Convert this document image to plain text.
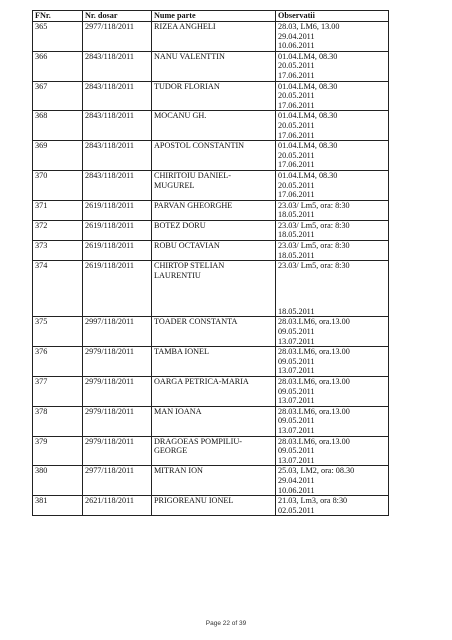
FNr.	Nr. dosar	Nume parte	Observatii
365	2977/118/2011	RIZEA ANGHELI	28.03, LM6, 13.00
29.04.2011
10.06.2011

366	2843/118/2011	NANU VALENTTIN	01.04.LM4, 08.30
20.05.2011
17.06.2011

367	2843/118/2011	TUDOR FLORIAN	01.04.LM4, 08.30
20.05.2011
17.06.2011

368	2843/118/2011	MOCANU GH.	01.04.LM4, 08.30
20.05.2011
17.06.2011

369	2843/118/2011	APOSTOL CONSTANTIN	01.04.LM4, 08.30
20.05.2011
17.06.2011

370	2843/118/2011	CHIRITOIU DANIEL-
MUGUREL	01.04.LM4, 08.30
20.05.2011
17.06.2011

371	2619/118/2011	PARVAN GHEORGHE	23.03/ Lm5, ora: 8:30
18.05.2011

372	2619/118/2011	BOTEZ DORU	23.03/ Lm5, ora: 8:30
18.05.2011

373	2619/118/2011	ROBU OCTAVIAN	23.03/ Lm5, ora: 8:30
18.05.2011

374	2619/118/2011	CHIRTOP STELIAN
LAURENTIU	23.03/ Lm5, ora: 8:30
18.05.2011

375	2997/118/2011	TOADER CONSTANTA	28.03.LM6, ora.13.00
09.05.2011
13.07.2011

376	2979/118/2011	TAMBA IONEL	28.03.LM6, ora.13.00
09.05.2011
13.07.2011

377	2979/118/2011	OARGA PETRICA-MARIA	28.03.LM6, ora.13.00
09.05.2011
13.07.2011

378	2979/118/2011	MAN IOANA	28.03.LM6, ora.13.00
09.05.2011
13.07.2011

379	2979/118/2011	DRAGOEAS POMPILIU-
GEORGE	28.03.LM6, ora.13.00
09.05.2011
13.07.2011

380	2977/118/2011	MITRAN ION	25.03, LM2, ora: 08.30
29.04.2011
10.06.2011

381	2621/118/2011	PRIGOREANU IONEL	21.03, Lm3, ora 8:30
02.05.2011
Page 22 of 39
